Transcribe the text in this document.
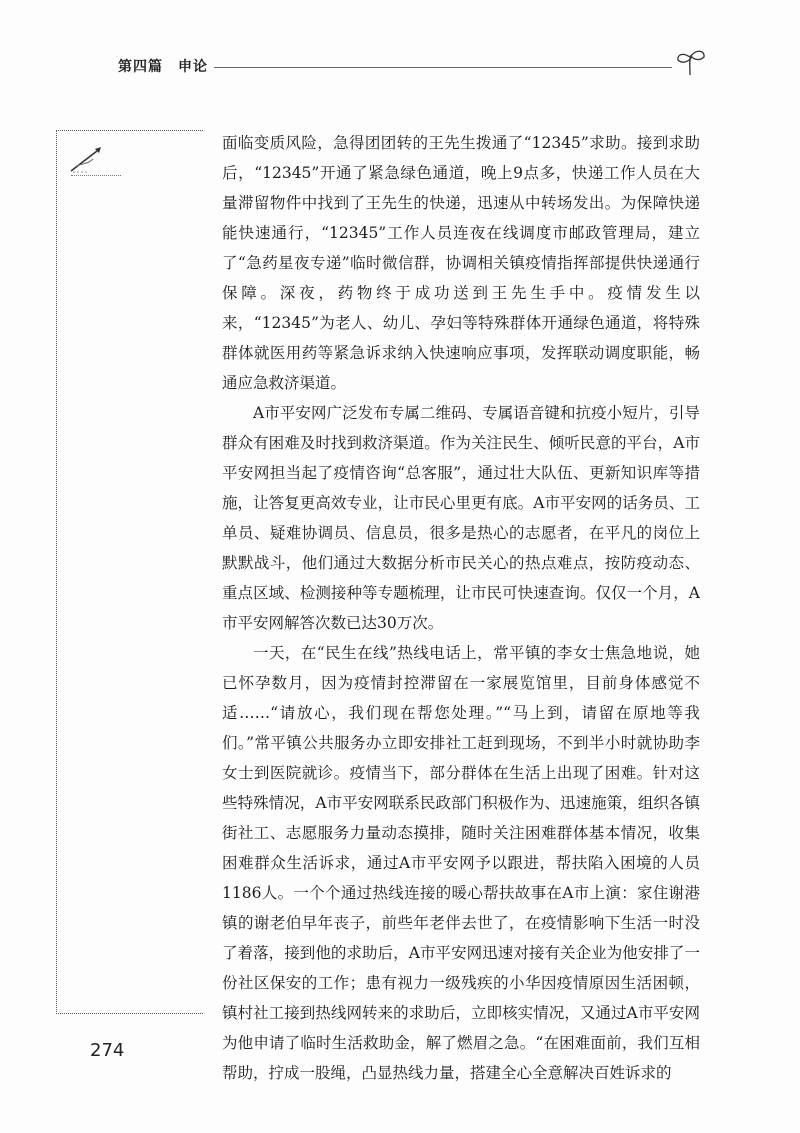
第四篇　申论

面临变质风险，急得团团转的王先生拨通了“12345”求助。接到求助后，“12345”开通了紧急绿色通道，晚上9点多，快递工作人员在大量滞留物件中找到了王先生的快递，迅速从中转场发出。为保障快递能快速通行，“12345”工作人员连夜在线调度市邮政管理局，建立了“急药星夜专递”临时微信群，协调相关镇疫情指挥部提供快递通行保障。深夜，药物终于成功送到王先生手中。疫情发生以来，“12345”为老人、幼儿、孕妇等特殊群体开通绿色通道，将特殊群体就医用药等紧急诉求纳入快速响应事项，发挥联动调度职能，畅通应急救济渠道。

A市平安网广泛发布专属二维码、专属语音键和抗疫小短片，引导群众有困难及时找到救济渠道。作为关注民生、倾听民意的平台，A市平安网担当起了疫情咨询“总客服”，通过壮大队伍、更新知识库等措施，让答复更高效专业，让市民心里更有底。A市平安网的话务员、工单员、疑难协调员、信息员，很多是热心的志愿者，在平凡的岗位上默默战斗，他们通过大数据分析市民关心的热点难点，按防疫动态、重点区域、检测接种等专题梳理，让市民可快速查询。仅仅一个月，A市平安网解答次数已达30万次。

一天，在“民生在线”热线电话上，常平镇的李女士焦急地说，她已怀孕数月，因为疫情封控滞留在一家展览馆里，目前身体感觉不适……“请放心，我们现在帮您处理。”“马上到，请留在原地等我们。”常平镇公共服务办立即安排社工赶到现场，不到半小时就协助李女士到医院就诊。疫情当下，部分群体在生活上出现了困难。针对这些特殊情况，A市平安网联系民政部门积极作为、迅速施策，组织各镇街社工、志愿服务力量动态摸排，随时关注困难群体基本情况，收集困难群众生活诉求，通过A市平安网予以跟进，帮扶陷入困境的人员1186人。一个个通过热线连接的暖心帮扶故事在A市上演：家住谢港镇的谢老伯早年丧子，前些年老伴去世了，在疫情影响下生活一时没了着落，接到他的求助后，A市平安网迅速对接有关企业为他安排了一份社区保安的工作；患有视力一级残疾的小华因疫情原因生活困顿，镇村社工接到热线网转来的求助后，立即核实情况，又通过A市平安网为他申请了临时生活救助金，解了燃眉之急。“在困难面前，我们互相帮助，拧成一股绳，凸显热线力量，搭建全心全意解决百姓诉求的

274
